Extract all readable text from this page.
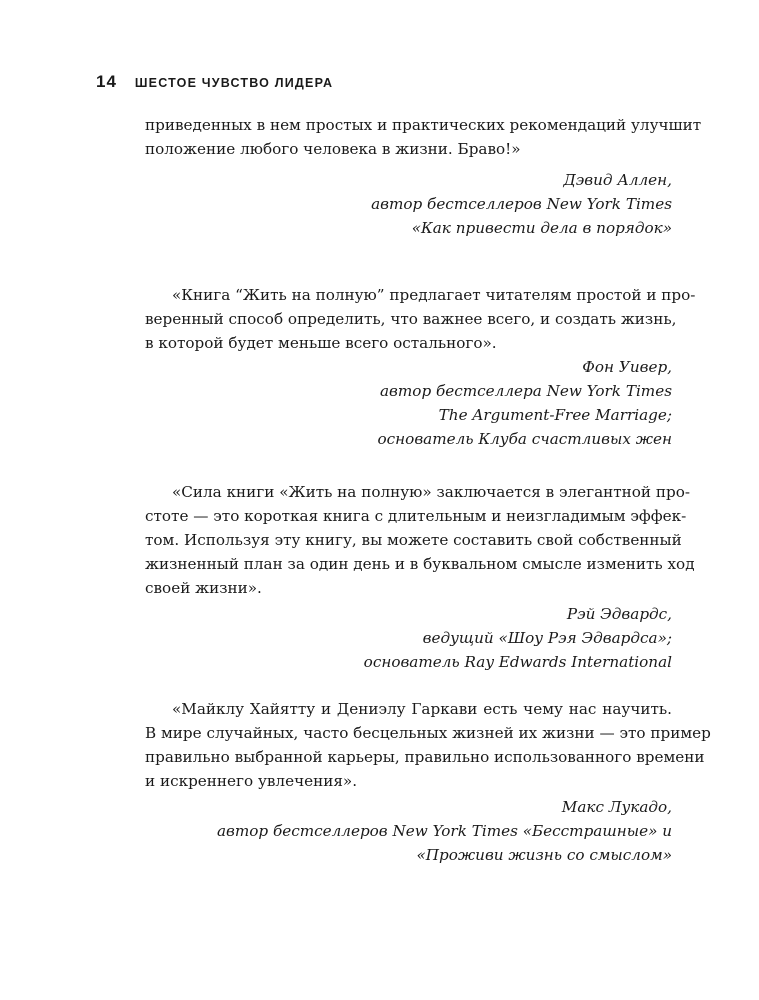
14 ШЕСТОЕ ЧУВСТВО ЛИДЕРА

приведенных в нем простых и практических рекомендаций улучшит
положение любого человека в жизни. Браво!»

Дэвид Аллен,
автор бестселлеров New York Times
«Как привести дела в порядок»

«Книга “Жить на полную” предлагает читателям простой и про-
веренный способ определить, что важнее всего, и создать жизнь,
в которой будет меньше всего остального».

Фон Уивер,
автор бестселлера New York Times
The Argument-Free Marriage;
основатель Клуба счастливых жен

«Сила книги «Жить на полную» заключается в элегантной про-
стоте — это короткая книга с длительным и неизгладимым эффек-
том. Используя эту книгу, вы можете составить свой собственный
жизненный план за один день и в буквальном смысле изменить ход
своей жизни».

Рэй Эдвардс,
ведущий «Шоу Рэя Эдвардса»;
основатель Ray Edwards International

«Майклу Хайятту и Дениэлу Гаркави есть чему нас научить.
В мире случайных, часто бесцельных жизней их жизни — это пример
правильно выбранной карьеры, правильно использованного времени
и искреннего увлечения».

Макс Лукадо,
автор бестселлеров New York Times «Бесстрашные» и
«Проживи жизнь со смыслом»
